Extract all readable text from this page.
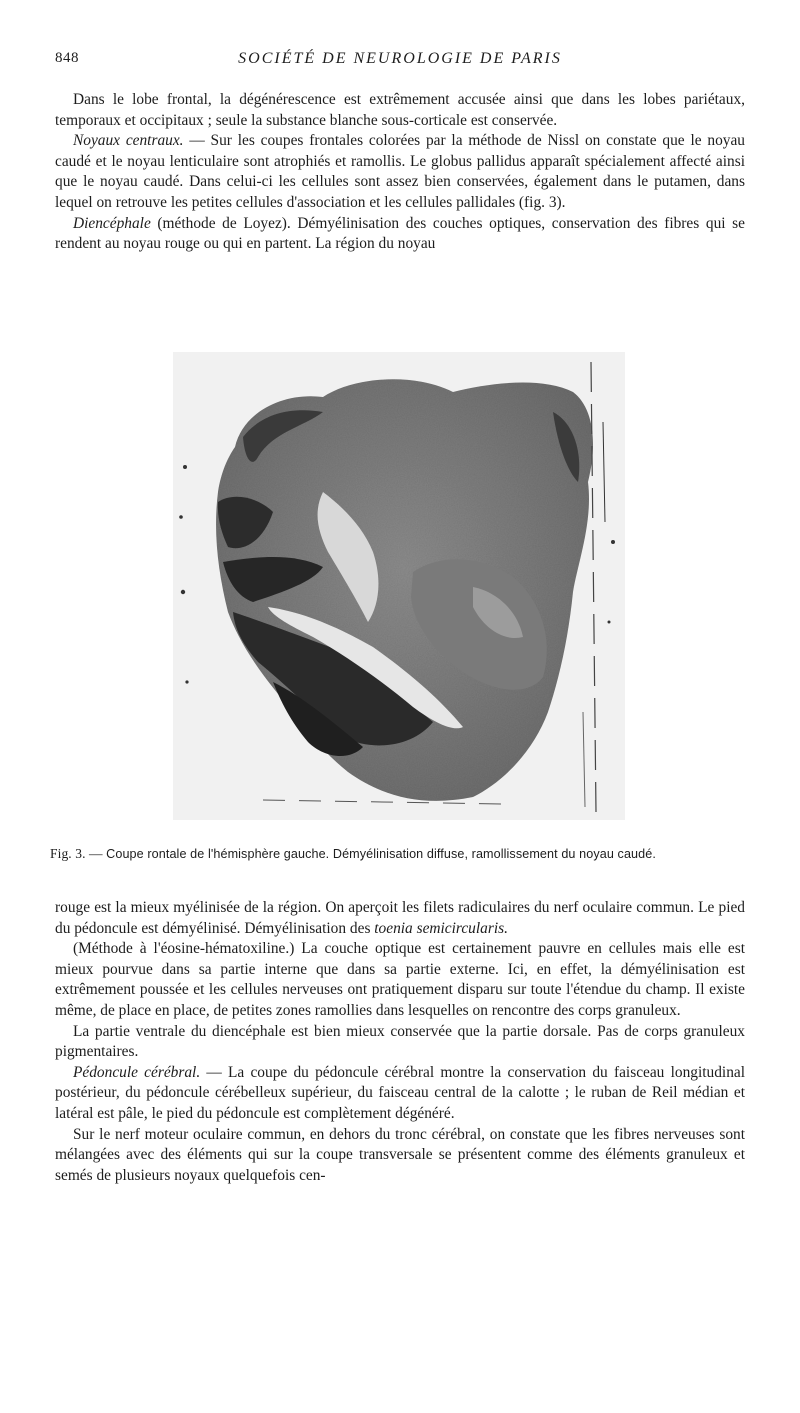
848	SOCIÉTÉ DE NEUROLOGIE DE PARIS

Dans le lobe frontal, la dégénérescence est extrêmement accusée ainsi que dans les lobes pariétaux, temporaux et occipitaux ; seule la substance blanche sous-corticale est conservée.

Noyaux centraux. — Sur les coupes frontales colorées par la méthode de Nissl on constate que le noyau caudé et le noyau lenticulaire sont atrophiés et ramollis. Le globus pallidus apparaît spécialement affecté ainsi que le noyau caudé. Dans celui-ci les cellules sont assez bien conservées, également dans le putamen, dans lequel on retrouve les petites cellules d'association et les cellules pallidales (fig. 3).

Diencéphale (méthode de Loyez). Démyélinisation des couches optiques, conservation des fibres qui se rendent au noyau rouge ou qui en partent. La région du noyau

Fig. 3. — Coupe rontale de l'hémisphère gauche. Démyélinisation diffuse, ramollissement du noyau caudé.

rouge est la mieux myélinisée de la région. On aperçoit les filets radiculaires du nerf oculaire commun. Le pied du pédoncule est démyélinisé. Démyélinisation des toenia semicircularis.

(Méthode à l'éosine-hématoxiline.) La couche optique est certainement pauvre en cellules mais elle est mieux pourvue dans sa partie interne que dans sa partie externe. Ici, en effet, la démyélinisation est extrêmement poussée et les cellules nerveuses ont pratiquement disparu sur toute l'étendue du champ. Il existe même, de place en place, de petites zones ramollies dans lesquelles on rencontre des corps granuleux.

La partie ventrale du diencéphale est bien mieux conservée que la partie dorsale. Pas de corps granuleux pigmentaires.

Pédoncule cérébral. — La coupe du pédoncule cérébral montre la conservation du faisceau longitudinal postérieur, du pédoncule cérébelleux supérieur, du faisceau central de la calotte ; le ruban de Reil médian et latéral est pâle, le pied du pédoncule est complètement dégénéré.

Sur le nerf moteur oculaire commun, en dehors du tronc cérébral, on constate que les fibres nerveuses sont mélangées avec des éléments qui sur la coupe transversale se présentent comme des éléments granuleux et semés de plusieurs noyaux quelquefois cen-
